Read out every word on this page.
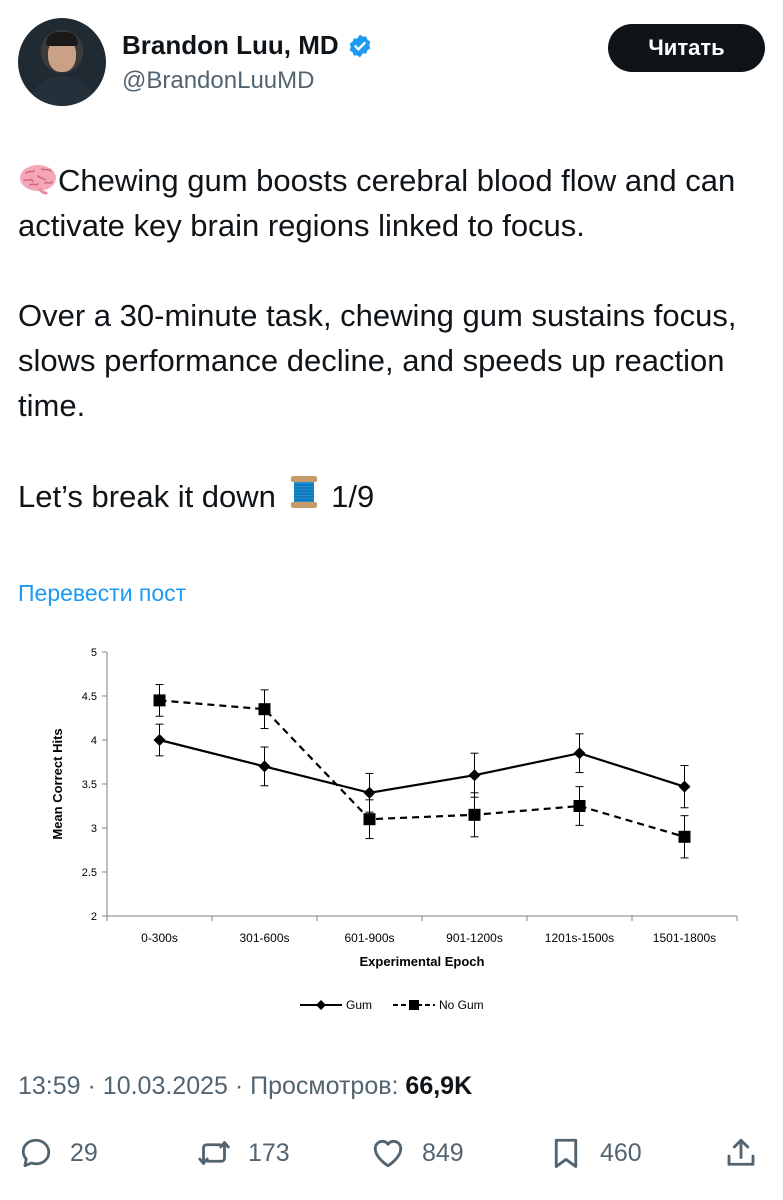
Brandon Luu, MD
@BrandonLuuMD
Читать

Chewing gum boosts cerebral blood flow and can activate key brain regions linked to focus.

Over a 30-minute task, chewing gum sustains focus, slows performance decline, and speeds up reaction time.

Let’s break it down 1/9

Перевести пост
2
2.5
3
3.5
4
4.5
5
0-300s	301-600s	601-900s	901-1200s	1201s-1500s	1501-1800s
Experimental Epoch
Mean Correct Hits
Gum	No Gum
13:59 · 10.03.2025 · Просмотров: 66,9K
29	173	849	460
